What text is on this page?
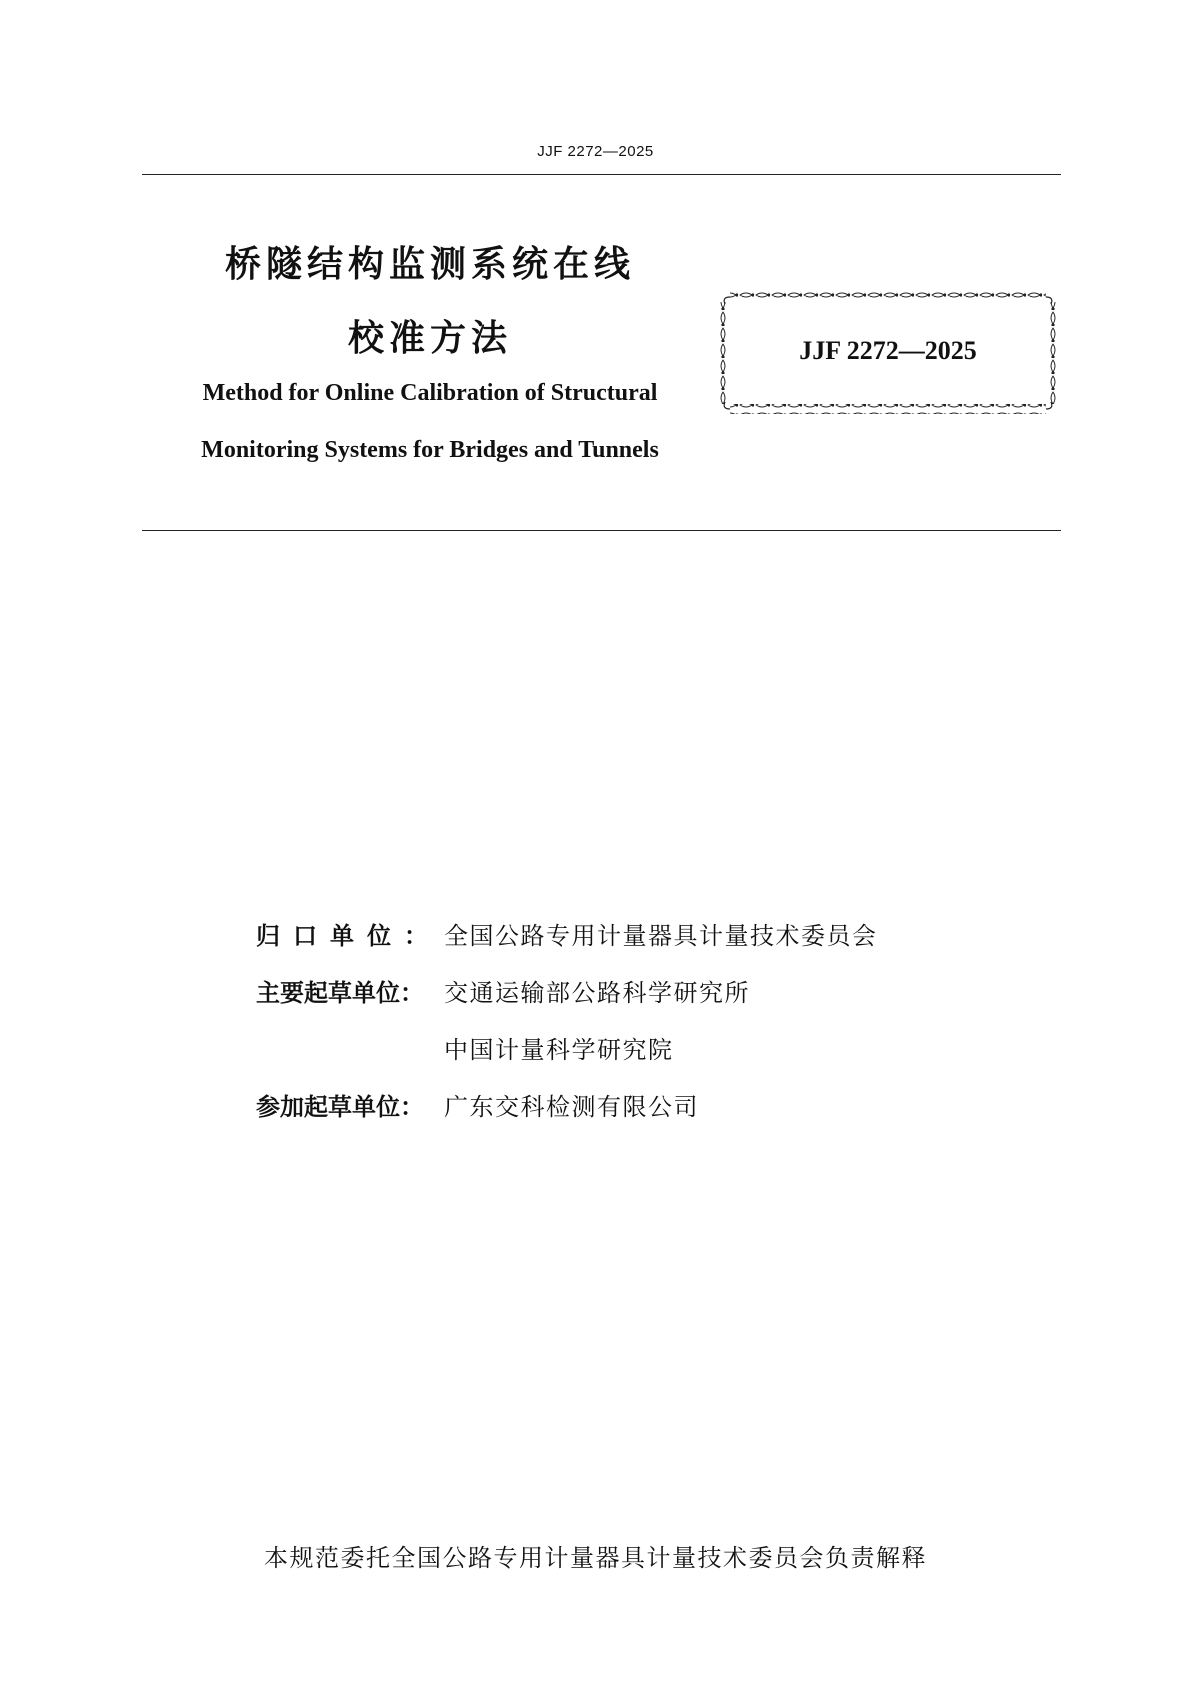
JJF 2272—2025
桥隧结构监测系统在线
校准方法
Method for Online Calibration of Structural
Monitoring Systems for Bridges and Tunnels
JJF 2272—2025
归口单位： 全国公路专用计量器具计量技术委员会
主要起草单位： 交通运输部公路科学研究所
中国计量科学研究院
参加起草单位： 广东交科检测有限公司
本规范委托全国公路专用计量器具计量技术委员会负责解释
